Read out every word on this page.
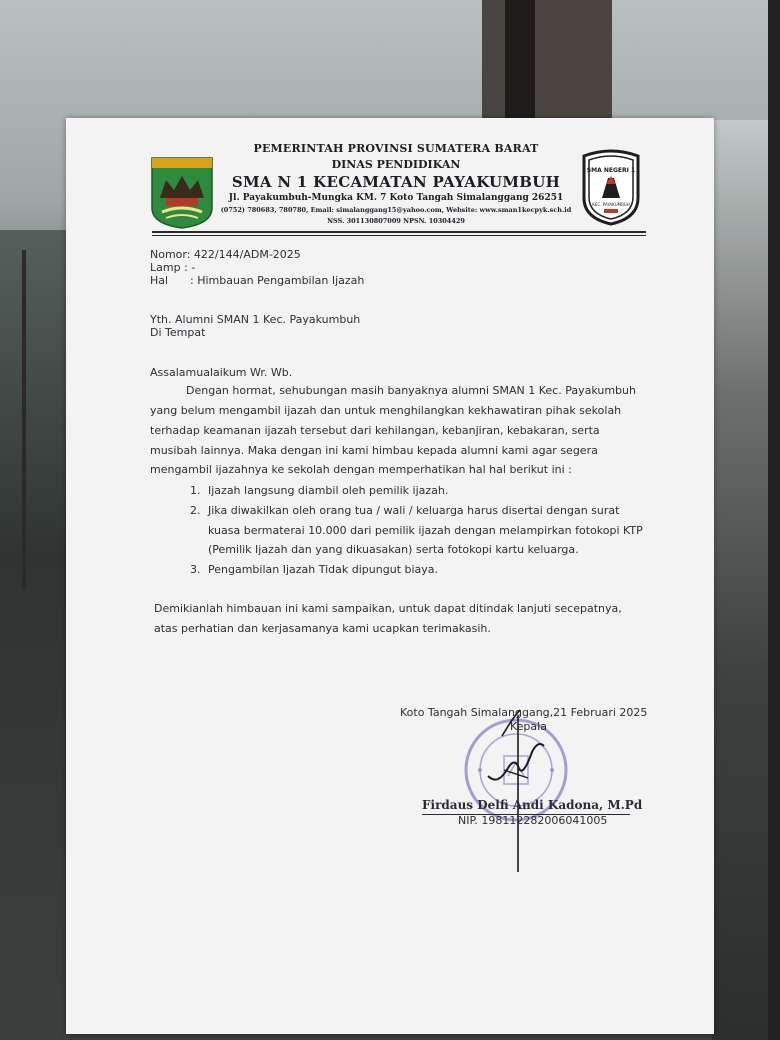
SMA NEGERI 1
KEC. PAYAKUMBUH
PEMERINTAH PROVINSI SUMATERA BARAT
DINAS PENDIDIKAN
SMA N 1 KECAMATAN PAYAKUMBUH
Jl. Payakumbuh-Mungka KM. 7 Koto Tangah Simalanggang 26251
(0752) 780683, 780780, Email: simalanggang15@yahoo.com, Website: www.sman1kecpyk.sch.id
NSS. 301130807009 NPSN. 10304429
Nomor: 422/144/ADM-2025
Lamp : -
Hal : Himbauan Pengambilan Ijazah
Yth. Alumni SMAN 1 Kec. Payakumbuh
Di Tempat
Assalamualaikum Wr. Wb.
Dengan hormat, sehubungan masih banyaknya alumni SMAN 1 Kec. Payakumbuh
yang belum mengambil ijazah dan untuk menghilangkan kekhawatiran pihak sekolah
terhadap keamanan ijazah tersebut dari kehilangan, kebanjiran, kebakaran, serta
musibah lainnya. Maka dengan ini kami himbau kepada alumni kami agar segera
mengambil ijazahnya ke sekolah dengan memperhatikan hal hal berikut ini :
1. Ijazah langsung diambil oleh pemilik ijazah.
2. Jika diwakilkan oleh orang tua / wali / keluarga harus disertai dengan surat
kuasa bermaterai 10.000 dari pemilik ijazah dengan melampirkan fotokopi KTP
(Pemilik Ijazah dan yang dikuasakan) serta fotokopi kartu keluarga.
3. Pengambilan Ijazah Tidak dipungut biaya.
Demikianlah himbauan ini kami sampaikan, untuk dapat ditindak lanjuti secepatnya,
atas perhatian dan kerjasamanya kami ucapkan terimakasih.
Koto Tangah Simalanggang,21 Februari 2025
Kepala
Firdaus Delfi Andi Kadona, M.Pd
NIP. 198112282006041005
